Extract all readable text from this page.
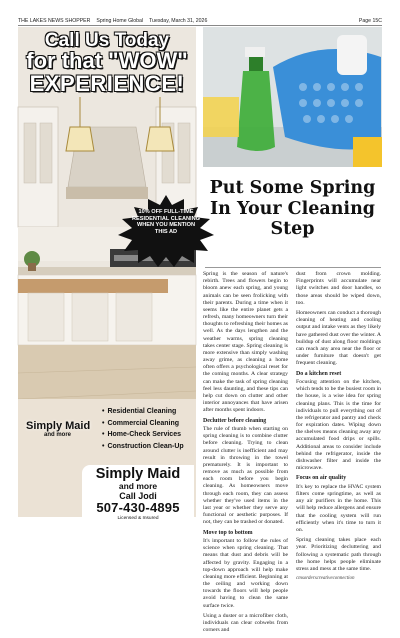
THE LAKES NEWS SHOPPER Spring Home Global Tuesday, March 31, 2026	Page 15C
Call Us Today
for that "WOW"
EXPERIENCE!
10% OFF FULL-TIME RESIDENTIAL CLEANING WHEN YOU MENTION THIS AD
Simply Maid
and more
• Residential Cleaning
• Commercial Cleaning
• Home-Check Services
• Construction Clean-Up
Simply Maid
and more
Call Jodi
507-430-4895
Licensed & Insured
Put Some Spring In Your Cleaning Step

Spring is the season of nature's rebirth. Trees and flowers begin to bloom anew each spring, and young animals can be seen frolicking with their parents. During a time when it seems like the entire planet gets a refresh, many homeowners turn their thoughts to refreshing their homes as well. As the days lengthen and the weather warms, spring cleaning takes center stage. Spring cleaning is more extensive than simply washing away grime, as cleaning a home often offers a psychological reset for the coming months. A clear strategy can make the task of spring cleaning feel less daunting, and these tips can help cut down on clutter and other interior annoyances that have arisen after months spent indoors.

Declutter before cleaning

The rule of thumb when starting on spring cleaning is to combine clutter before cleaning. Trying to clean around clutter is inefficient and may result in throwing in the towel prematurely. It is important to remove as much as possible from each room before you begin cleaning. As homeowners move through each room, they can assess whether they've used items in the last year or whether they serve any functional or aesthetic purposes. If not, they can be trashed or donated.

Move top to bottom

It's important to follow the rules of science when spring cleaning. That means that dust and debris will be affected by gravity. Engaging in a top-down approach will help make cleaning more efficient. Beginning at the ceiling and working down towards the floors will help people avoid having to clean the same surface twice.

Using a duster or a microfiber cloth, individuals can clear cobwebs from corners and

dust from crown molding. Fingerprints will accumulate near light switches and door handles, so those areas should be wiped down, too.

Homeowners can conduct a thorough cleaning of heating and cooling output and intake vents as they likely have gathered dust over the winter. A buildup of dust along floor moldings can reach any area near the floor or under furniture that doesn't get frequent cleaning.

Do a kitchen reset

Focusing attention on the kitchen, which tends to be the busiest room in the house, is a wise idea for spring cleaning plans. This is the time for individuals to pull everything out of the refrigerator and pantry and check for expiration dates. Wiping down the shelves means cleaning away any accumulated food drips or spills. Additional areas to consider include behind the refrigerator, inside the dishwasher filter and inside the microwave.

Focus on air quality

It's key to replace the HVAC system filters come springtime, as well as any air purifiers in the home. This will help reduce allergens and ensure that the cooling system will run efficiently when it's time to turn it on.

Spring cleaning takes place each year. Prioritizing decluttering and following a systematic path through the home helps people eliminate stress and mess at the same time.

cmsorderscreativeconnection
